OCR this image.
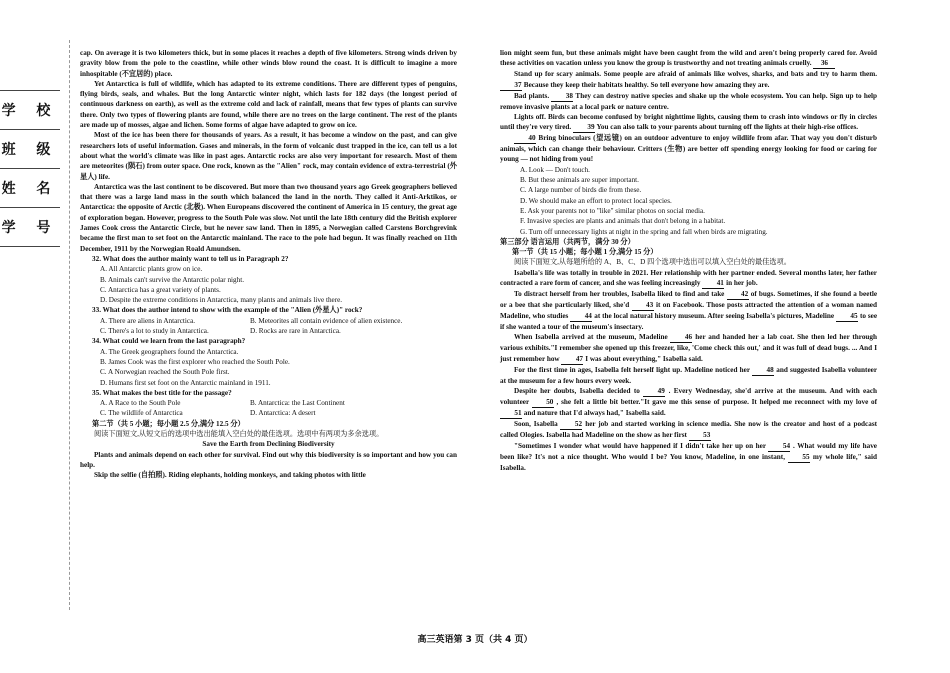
学 校
班 级
姓 名
学 号

cap. On average it is two kilometers thick, but in some places it reaches a depth of five kilometers. Strong winds driven by gravity blow from the pole to the coastline, while other winds blow round the coast. It is difficult to imagine a more inhospitable (不宜居的) place.

Yet Antarctica is full of wildlife, which has adapted to its extreme conditions. There are different types of penguins, flying birds, seals, and whales. But the long Antarctic winter night, which lasts for 182 days (the longest period of continuous darkness on earth), as well as the extreme cold and lack of rainfall, means that few types of plants can survive there. Only two types of flowering plants are found, while there are no trees on the large continent. The rest of the plants are made up of mosses, algae and lichen. Some forms of algae have adapted to grow on ice.

Most of the ice has been there for thousands of years. As a result, it has become a window on the past, and can give researchers lots of useful information. Gases and minerals, in the form of volcanic dust trapped in the ice, can tell us a lot about what the world's climate was like in past ages. Antarctic rocks are also very important for research. Most of them are meteorites (陨石) from outer space. One rock, known as the "Alien" rock, may contain evidence of extra-terrestrial (外星人) life.

Antarctica was the last continent to be discovered. But more than two thousand years ago Greek geographers believed that there was a large land mass in the south which balanced the land in the north. They called it Anti-Arktikos, or Antarctica: the opposite of Arctic (北极). When Europeans discovered the continent of America in 15 century, the great age of exploration began. However, progress to the South Pole was slow. Not until the late 18th century did the British explorer James Cook cross the Antarctic Circle, but he never saw land. Then in 1895, a Norwegian called Carstens Borchgrevink became the first man to set foot on the Antarctic mainland. The race to the pole had begun. It was finally reached on 11th December, 1911 by the Norwegian Roald Amundsen.

32. What does the author mainly want to tell us in Paragraph 2?

A. All Antarctic plants grow on ice.

B. Animals can't survive the Antarctic polar night.

C. Antarctica has a great variety of plants.

D. Despite the extreme conditions in Antarctica, many plants and animals live there.

33. What does the author intend to show with the example of the "Alien (外星人)" rock?

A. There are aliens in Antarctica.	B. Meteorites all contain evidence of alien existence.
C. There's a lot to study in Antarctica.	D. Rocks are rare in Antarctica.

34. What could we learn from the last paragraph?

A. The Greek geographers found the Antarctica.

B. James Cook was the first explorer who reached the South Pole.

C. A Norwegian reached the South Pole first.

D. Humans first set foot on the Antarctic mainland in 1911.

35. What makes the best title for the passage?

A. A Race to the South Pole	B. Antarctica: the Last Continent
C. The wildlife of Antarctica	D. Antarctica: A desert

第二节（共 5 小题；每小题 2.5 分,满分 12.5 分）

阅读下面短文,从短文后的选项中选出能填入空白处的最佳选项。选项中有两项为多余选项。

Save the Earth from Declining Biodiversity

Plants and animals depend on each other for survival. Find out why this biodiversity is so important and how you can help.

Skip the selfie (自拍照). Riding elephants, holding monkeys, and taking photos with little

lion might seem fun, but these animals might have been caught from the wild and aren't being properly cared for. Avoid these activities on vacation unless you know the group is trustworthy and not treating animals cruelly. 36

Stand up for scary animals. Some people are afraid of animals like wolves, sharks, and bats and try to harm them. 37 Because they keep their habitats healthy. So tell everyone how amazing they are.

Bad plants. 38 They can destroy native species and shake up the whole ecosystem. You can help. Sign up to help remove invasive plants at a local park or nature centre.

Lights off. Birds can become confused by bright nighttime lights, causing them to crash into windows or fly in circles until they're very tired. 39 You can also talk to your parents about turning off the lights at their high-rise offices.

40 Bring binoculars (望远镜) on an outdoor adventure to enjoy wildlife from afar. That way you don't disturb animals, which can change their behaviour. Critters (生物) are better off spending energy looking for food or caring for young — not hiding from you!

A. Look — Don't touch.

B. But these animals are super important.

C. A large number of birds die from these.

D. We should make an effort to protect local species.

E. Ask your parents not to "like" similar photos on social media.

F. Invasive species are plants and animals that don't belong in a habitat.

G. Turn off unnecessary lights at night in the spring and fall when birds are migrating.

第三部分 语言运用（共两节，满分 30 分）

第一节（共 15 小题；每小题 1 分,满分 15 分）

阅读下面短文,从每题所给的 A、B、C、D 四个选项中选出可以填入空白处的最佳选项。

Isabella's life was totally in trouble in 2021. Her relationship with her partner ended. Several months later, her father contracted a rare form of cancer, and she was feeling increasingly 41 in her job.

To distract herself from her troubles, Isabella liked to find and take 42 of bugs. Sometimes, if she found a beetle or a bee that she particularly liked, she'd 43 it on Facebook. Those posts attracted the attention of a woman named Madeline, who studies 44 at the local natural history museum. After seeing Isabella's pictures, Madeline 45 to see if she wanted a tour of the museum's insectary.

When Isabella arrived at the museum, Madeline 46 her and handed her a lab coat. She then led her through various exhibits."I remember she opened up this freezer, like, 'Come check this out,' and it was full of dead bugs. ... And I just remember how 47 I was about everything," Isabella said.

For the first time in ages, Isabella felt herself light up. Madeline noticed her 48 and suggested Isabella volunteer at the museum for a few hours every week.

Despite her doubts, Isabella decided to 49 . Every Wednesday, she'd arrive at the museum. And with each volunteer 50 , she felt a little bit better."It gave me this sense of purpose. It helped me reconnect with my love of 51 and nature that I'd always had," Isabella said.

Soon, Isabella 52 her job and started working in science media. She now is the creator and host of a podcast called Ologies. Isabella had Madeline on the show as her first 53

"Sometimes I wonder what would have happened if I didn't take her up on her 54 . What would my life have been like? It's not a nice thought. Who would I be? You know, Madeline, in one instant, 55 my whole life," said Isabella.

高三英语第 3 页（共 4 页）
